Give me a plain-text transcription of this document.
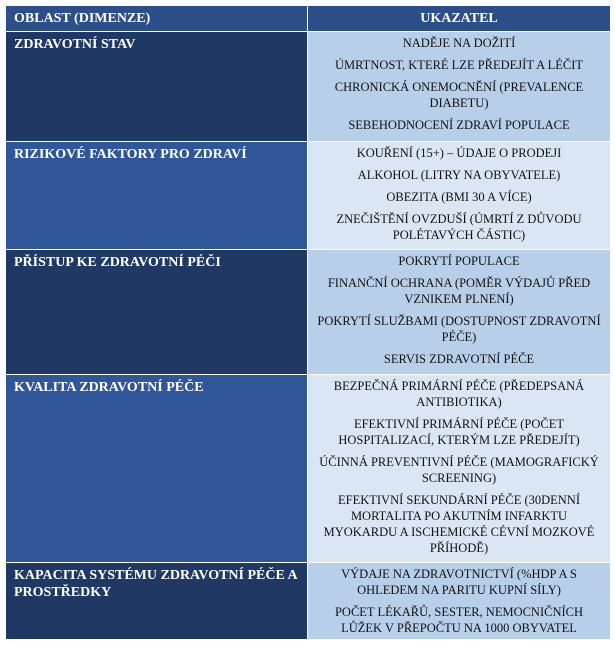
OBLAST (DIMENZE)	UKAZATEL
ZDRAVOTNÍ STAV	NADĚJE NA DOŽITÍ
ÚMRTNOST, KTERÉ LZE PŘEDEJÍT A LÉČIT
CHRONICKÁ ONEMOCNĚNÍ (PREVALENCE DIABETU)
SEBEHODNOCENÍ ZDRAVÍ POPULACE

RIZIKOVÉ FAKTORY PRO ZDRAVÍ	KOUŘENÍ (15+) – ÚDAJE O PRODEJI
ALKOHOL (LITRY NA OBYVATELE)
OBEZITA (BMI 30 A VÍCE)
ZNEČIŠTĚNÍ OVZDUŠÍ (ÚMRTÍ Z DŮVODU POLÉTAVÝCH ČÁSTIC)

PŘÍSTUP KE ZDRAVOTNÍ PÉČI	POKRYTÍ POPULACE
FINANČNÍ OCHRANA (POMĚR VÝDAJŮ PŘED VZNIKEM PLNENÍ)
POKRYTÍ SLUŽBAMI (DOSTUPNOST ZDRAVOTNÍ PÉČE)
SERVIS ZDRAVOTNÍ PÉČE

KVALITA ZDRAVOTNÍ PÉČE	BEZPEČNÁ PRIMÁRNÍ PÉČE (PŘEDEPSANÁ ANTIBIOTIKA)
EFEKTIVNÍ PRIMÁRNÍ PÉČE (POČET HOSPITALIZACÍ, KTERÝM LZE PŘEDEJÍT)
ÚČINNÁ PREVENTIVNÍ PÉČE (MAMOGRAFICKÝ SCREENING)
EFEKTIVNÍ SEKUNDÁRNÍ PÉČE (30DENNÍ MORTALITA PO AKUTNÍM INFARKTU MYOKARDU A ISCHEMICKÉ CÉVNÍ MOZKOVÉ PŘÍHODĚ)

KAPACITA SYSTÉMU ZDRAVOTNÍ PÉČE A PROSTŘEDKY	VÝDAJE NA ZDRAVOTNICTVÍ (%HDP A S OHLEDEM NA PARITU KUPNÍ SÍLY)
POČET LÉKAŘŮ, SESTER, NEMOCNIČNÍCH LŮŽEK V PŘEPOČTU NA 1000 OBYVATEL
